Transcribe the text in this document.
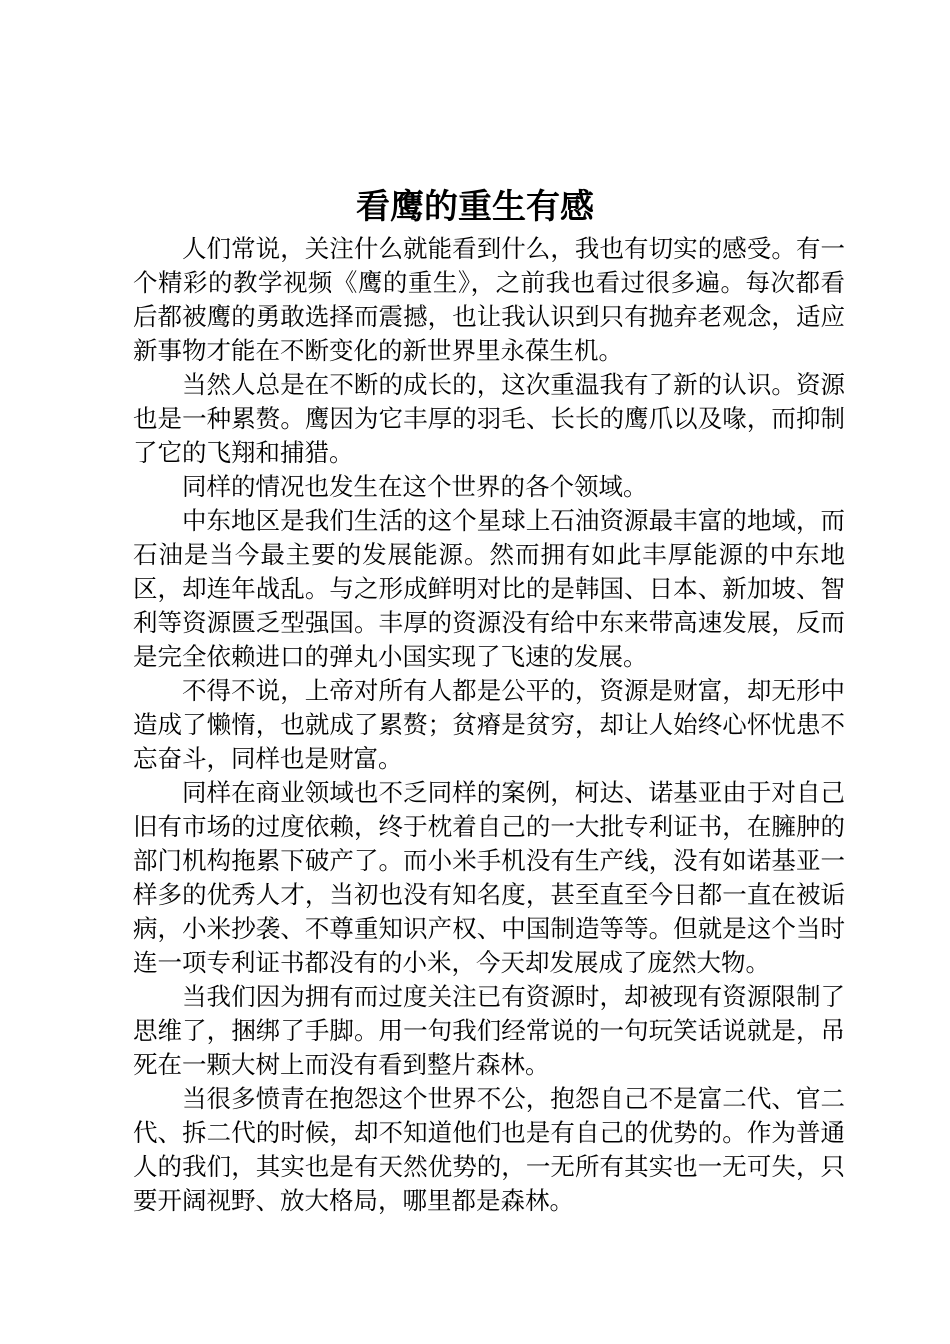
看鹰的重生有感

人们常说，关注什么就能看到什么，我也有切实的感受。有一个精彩的教学视频《鹰的重生》，之前我也看过很多遍。每次都看后都被鹰的勇敢选择而震撼，也让我认识到只有抛弃老观念，适应新事物才能在不断变化的新世界里永葆生机。

当然人总是在不断的成长的，这次重温我有了新的认识。资源也是一种累赘。鹰因为它丰厚的羽毛、长长的鹰爪以及喙，而抑制了它的飞翔和捕猎。

同样的情况也发生在这个世界的各个领域。

中东地区是我们生活的这个星球上石油资源最丰富的地域，而石油是当今最主要的发展能源。然而拥有如此丰厚能源的中东地区，却连年战乱。与之形成鲜明对比的是韩国、日本、新加坡、智利等资源匮乏型强国。丰厚的资源没有给中东来带高速发展，反而是完全依赖进口的弹丸小国实现了飞速的发展。

不得不说，上帝对所有人都是公平的，资源是财富，却无形中造成了懒惰，也就成了累赘；贫瘠是贫穷，却让人始终心怀忧患不忘奋斗，同样也是财富。

同样在商业领域也不乏同样的案例，柯达、诺基亚由于对自己旧有市场的过度依赖，终于枕着自己的一大批专利证书，在臃肿的部门机构拖累下破产了。而小米手机没有生产线，没有如诺基亚一样多的优秀人才，当初也没有知名度，甚至直至今日都一直在被诟病，小米抄袭、不尊重知识产权、中国制造等等。但就是这个当时连一项专利证书都没有的小米，今天却发展成了庞然大物。

当我们因为拥有而过度关注已有资源时，却被现有资源限制了思维了，捆绑了手脚。用一句我们经常说的一句玩笑话说就是，吊死在一颗大树上而没有看到整片森林。

当很多愤青在抱怨这个世界不公，抱怨自己不是富二代、官二代、拆二代的时候，却不知道他们也是有自己的优势的。作为普通人的我们，其实也是有天然优势的，一无所有其实也一无可失，只要开阔视野、放大格局，哪里都是森林。
